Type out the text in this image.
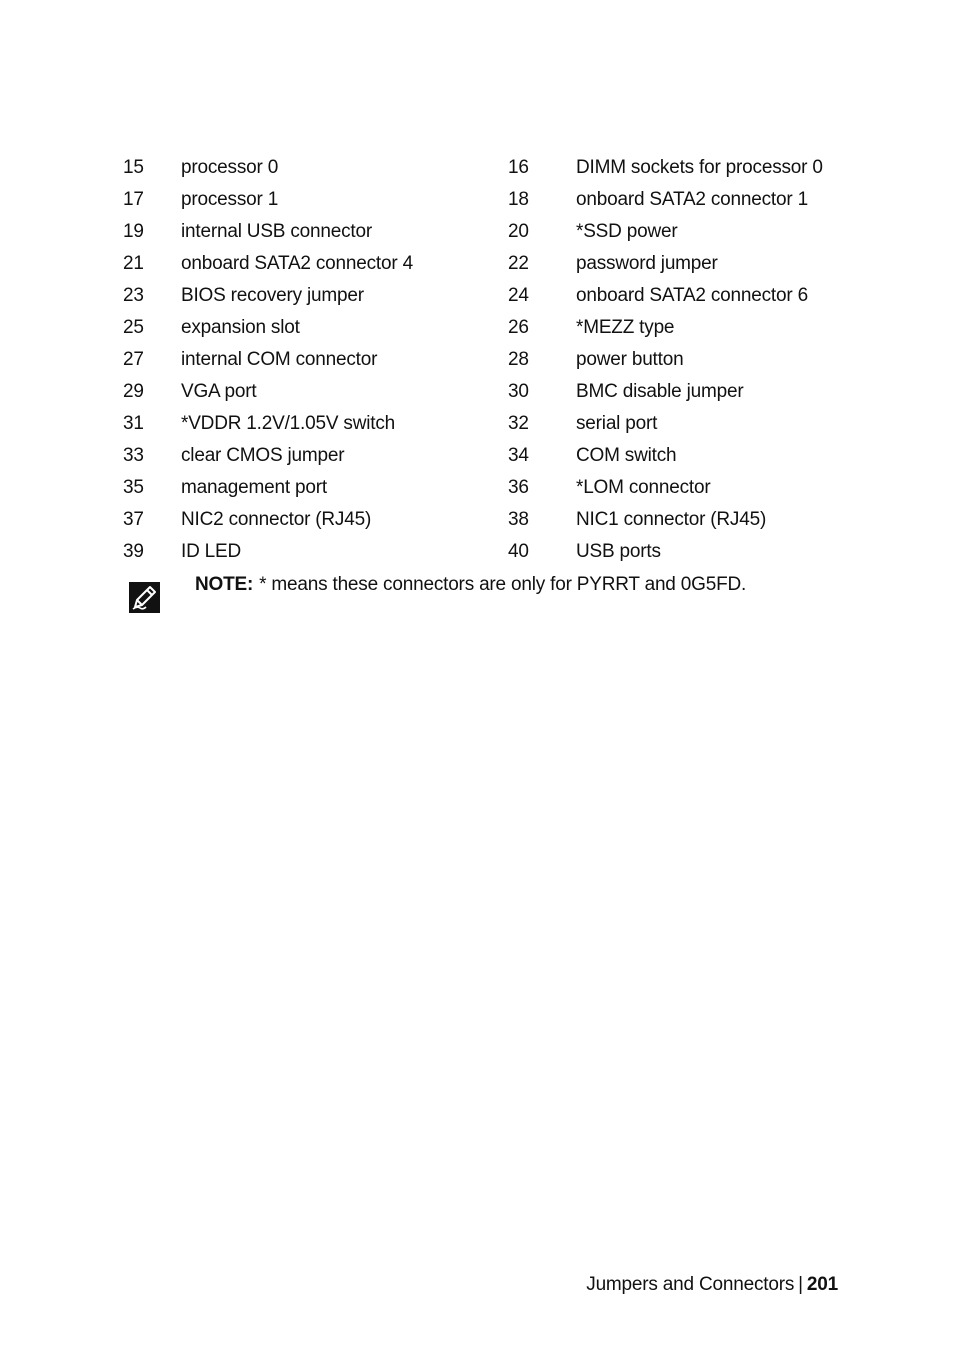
15 processor 0	16 DIMM sockets for processor 0
17 processor 1	18 onboard SATA2 connector 1
19 internal USB connector	20 *SSD power
21 onboard SATA2 connector 4	22 password jumper
23 BIOS recovery jumper	24 onboard SATA2 connector 6
25 expansion slot	26 *MEZZ type
27 internal COM connector	28 power button
29 VGA port	30 BMC disable jumper
31 *VDDR 1.2V/1.05V switch	32 serial port
33 clear CMOS jumper	34 COM switch
35 management port	36 *LOM connector
37 NIC2 connector (RJ45)	38 NIC1 connector (RJ45)
39 ID LED	40 USB ports
NOTE: * means these connectors are only for PYRRT and 0G5FD.
Jumpers and Connectors | 201
